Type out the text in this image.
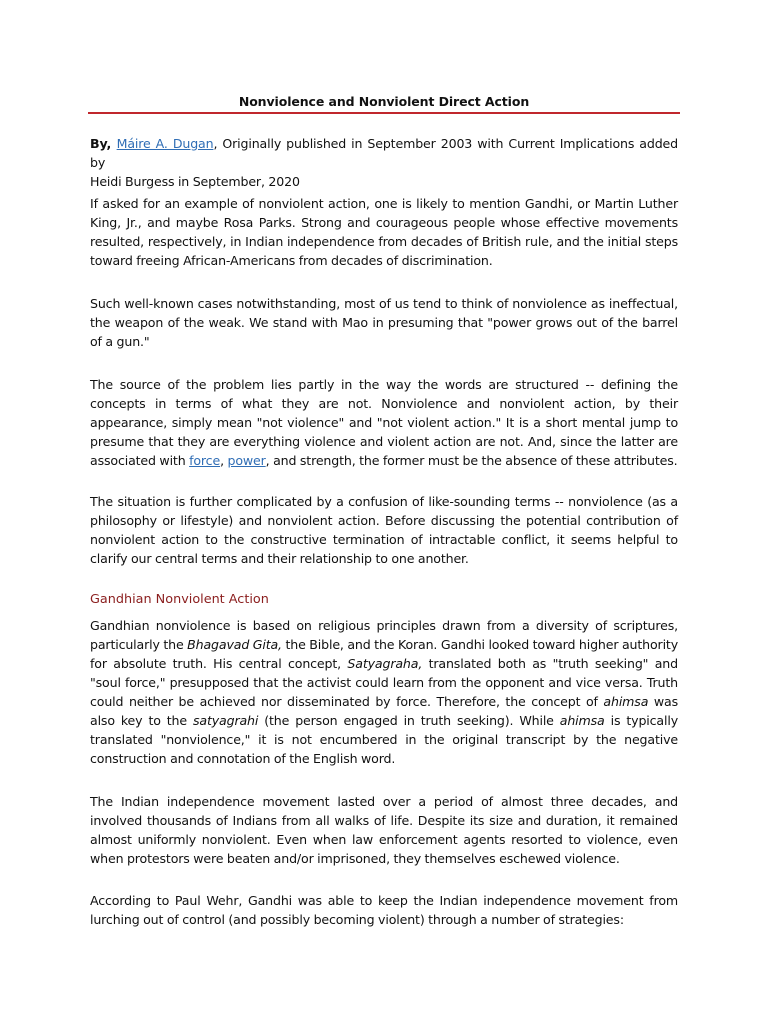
Nonviolence and Nonviolent Direct Action

By, Máire A. Dugan, Originally published in September 2003 with Current Implications added by
Heidi Burgess in September, 2020

If asked for an example of nonviolent action, one is likely to mention Gandhi, or Martin Luther King, Jr., and maybe Rosa Parks. Strong and courageous people whose effective movements resulted, respectively, in Indian independence from decades of British rule, and the initial steps toward freeing African-Americans from decades of discrimination.

Such well-known cases notwithstanding, most of us tend to think of nonviolence as ineffectual, the weapon of the weak. We stand with Mao in presuming that "power grows out of the barrel of a gun."

The source of the problem lies partly in the way the words are structured -- defining the concepts in terms of what they are not. Nonviolence and nonviolent action, by their appearance, simply mean "not violence" and "not violent action." It is a short mental jump to presume that they are everything violence and violent action are not. And, since the latter are associated with force, power, and strength, the former must be the absence of these attributes.

The situation is further complicated by a confusion of like-sounding terms -- nonviolence (as a philosophy or lifestyle) and nonviolent action. Before discussing the potential contribution of nonviolent action to the constructive termination of intractable conflict, it seems helpful to clarify our central terms and their relationship to one another.

Gandhian Nonviolent Action

Gandhian nonviolence is based on religious principles drawn from a diversity of scriptures, particularly the Bhagavad Gita, the Bible, and the Koran. Gandhi looked toward higher authority for absolute truth. His central concept, Satyagraha, translated both as "truth seeking" and "soul force," presupposed that the activist could learn from the opponent and vice versa. Truth could neither be achieved nor disseminated by force. Therefore, the concept of ahimsa was also key to the satyagrahi (the person engaged in truth seeking). While ahimsa is typically translated "nonviolence," it is not encumbered in the original transcript by the negative construction and connotation of the English word.

The Indian independence movement lasted over a period of almost three decades, and involved thousands of Indians from all walks of life. Despite its size and duration, it remained almost uniformly nonviolent. Even when law enforcement agents resorted to violence, even when protestors were beaten and/or imprisoned, they themselves eschewed violence.

According to Paul Wehr, Gandhi was able to keep the Indian independence movement from lurching out of control (and possibly becoming violent) through a number of strategies:
